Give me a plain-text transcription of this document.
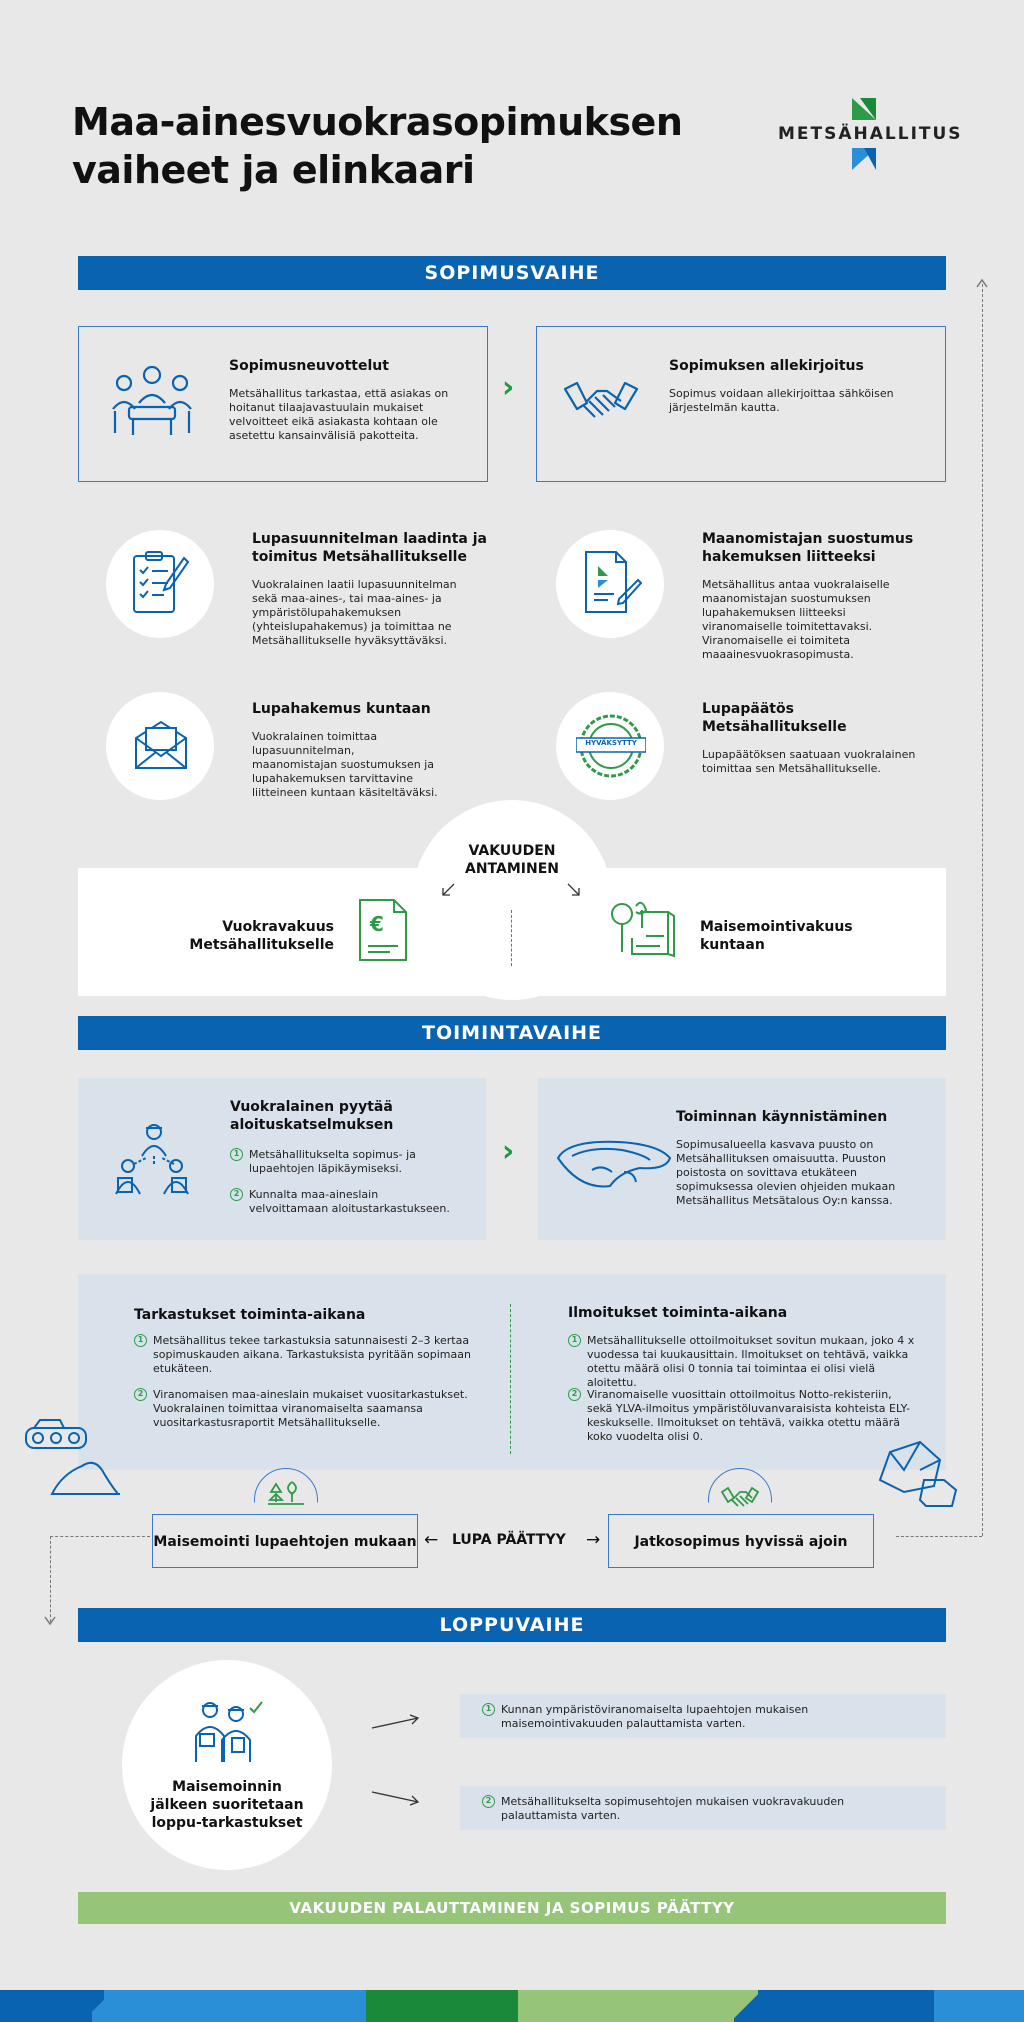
Maa-ainesvuokrasopimuksen
vaiheet ja elinkaari
METSÄHALLITUS
SOPIMUSVAIHE
Sopimusneuvottelut
Metsähallitus tarkastaa, että asiakas on hoitanut tilaajavastuulain mukaiset velvoitteet eikä asiakasta kohtaan ole asetettu kansainvälisiä pakotteita.
›
Sopimuksen allekirjoitus
Sopimus voidaan allekirjoittaa sähköisen järjestelmän kautta.
Lupasuunnitelman laadinta ja toimitus Metsähallitukselle
Vuokralainen laatii lupasuunnitelman sekä maa-aines-, tai maa-aines- ja ympäristölupahakemuksen (yhteislupahakemus) ja toimittaa ne Metsähallitukselle hyväksyttäväksi.
Maanomistajan suostumus hakemuksen liitteeksi
Metsähallitus antaa vuokralaiselle maanomistajan suostumuksen lupahakemuksen liitteeksi viranomaiselle toimitettavaksi. Viranomaiselle ei toimiteta maaainesvuokrasopimusta.
Lupahakemus kuntaan
Vuokralainen toimittaa lupasuunnitelman, maanomistajan suostumuksen ja lupahakemuksen tarvittavine liitteineen kuntaan käsiteltäväksi.
HYVÄKSYTTY
Lupapäätös Metsähallitukselle
Lupapäätöksen saatuaan vuokralainen toimittaa sen Metsähallitukselle.
VAKUUDEN
ANTAMINEN
Vuokravakuus
Metsähallitukselle
€	Maisemointivakuus
kuntaan
TOIMINTAVAIHE
Vuokralainen pyytää aloituskatselmuksen
1 Metsähallitukselta sopimus- ja lupaehtojen läpikäymiseksi.
2 Kunnalta maa-aineslain velvoittamaan aloitustarkastukseen.
›
Toiminnan käynnistäminen
Sopimusalueella kasvava puusto on Metsähallituksen omaisuutta. Puuston poistosta on sovittava etukäteen sopimuksessa olevien ohjeiden mukaan Metsähallitus Metsätalous Oy:n kanssa.
Tarkastukset toiminta-aikana
1 Metsähallitus tekee tarkastuksia satunnaisesti 2–3 kertaa sopimuskauden aikana. Tarkastuksista pyritään sopimaan etukäteen.
2 Viranomaisen maa-aineslain mukaiset vuositarkastukset. Vuokralainen toimittaa viranomaiselta saamansa vuositarkastusraportit Metsähallitukselle.
Ilmoitukset toiminta-aikana
1 Metsähallitukselle ottoilmoitukset sovitun mukaan, joko 4 x vuodessa tai kuukausittain. Ilmoitukset on tehtävä, vaikka otettu määrä olisi 0 tonnia tai toimintaa ei olisi vielä aloitettu.
2 Viranomaiselle vuosittain ottoilmoitus Notto-rekisteriin, sekä YLVA-ilmoitus ympäristöluvanvaraisista kohteista ELY-keskukselle. Ilmoitukset on tehtävä, vaikka otettu määrä koko vuodelta olisi 0.
Maisemointi lupaehtojen mukaan ← LUPA PÄÄTTYY →	Jatkosopimus hyvissä ajoin
LOPPUVAIHE
Maisemoinnin jälkeen suoritetaan loppu-tarkastukset
1 Kunnan ympäristöviranomaiselta lupaehtojen mukaisen maisemointivakuuden palauttamista varten.
2 Metsähallitukselta sopimusehtojen mukaisen vuokravakuuden palauttamista varten.
VAKUUDEN PALAUTTAMINEN JA SOPIMUS PÄÄTTYY
